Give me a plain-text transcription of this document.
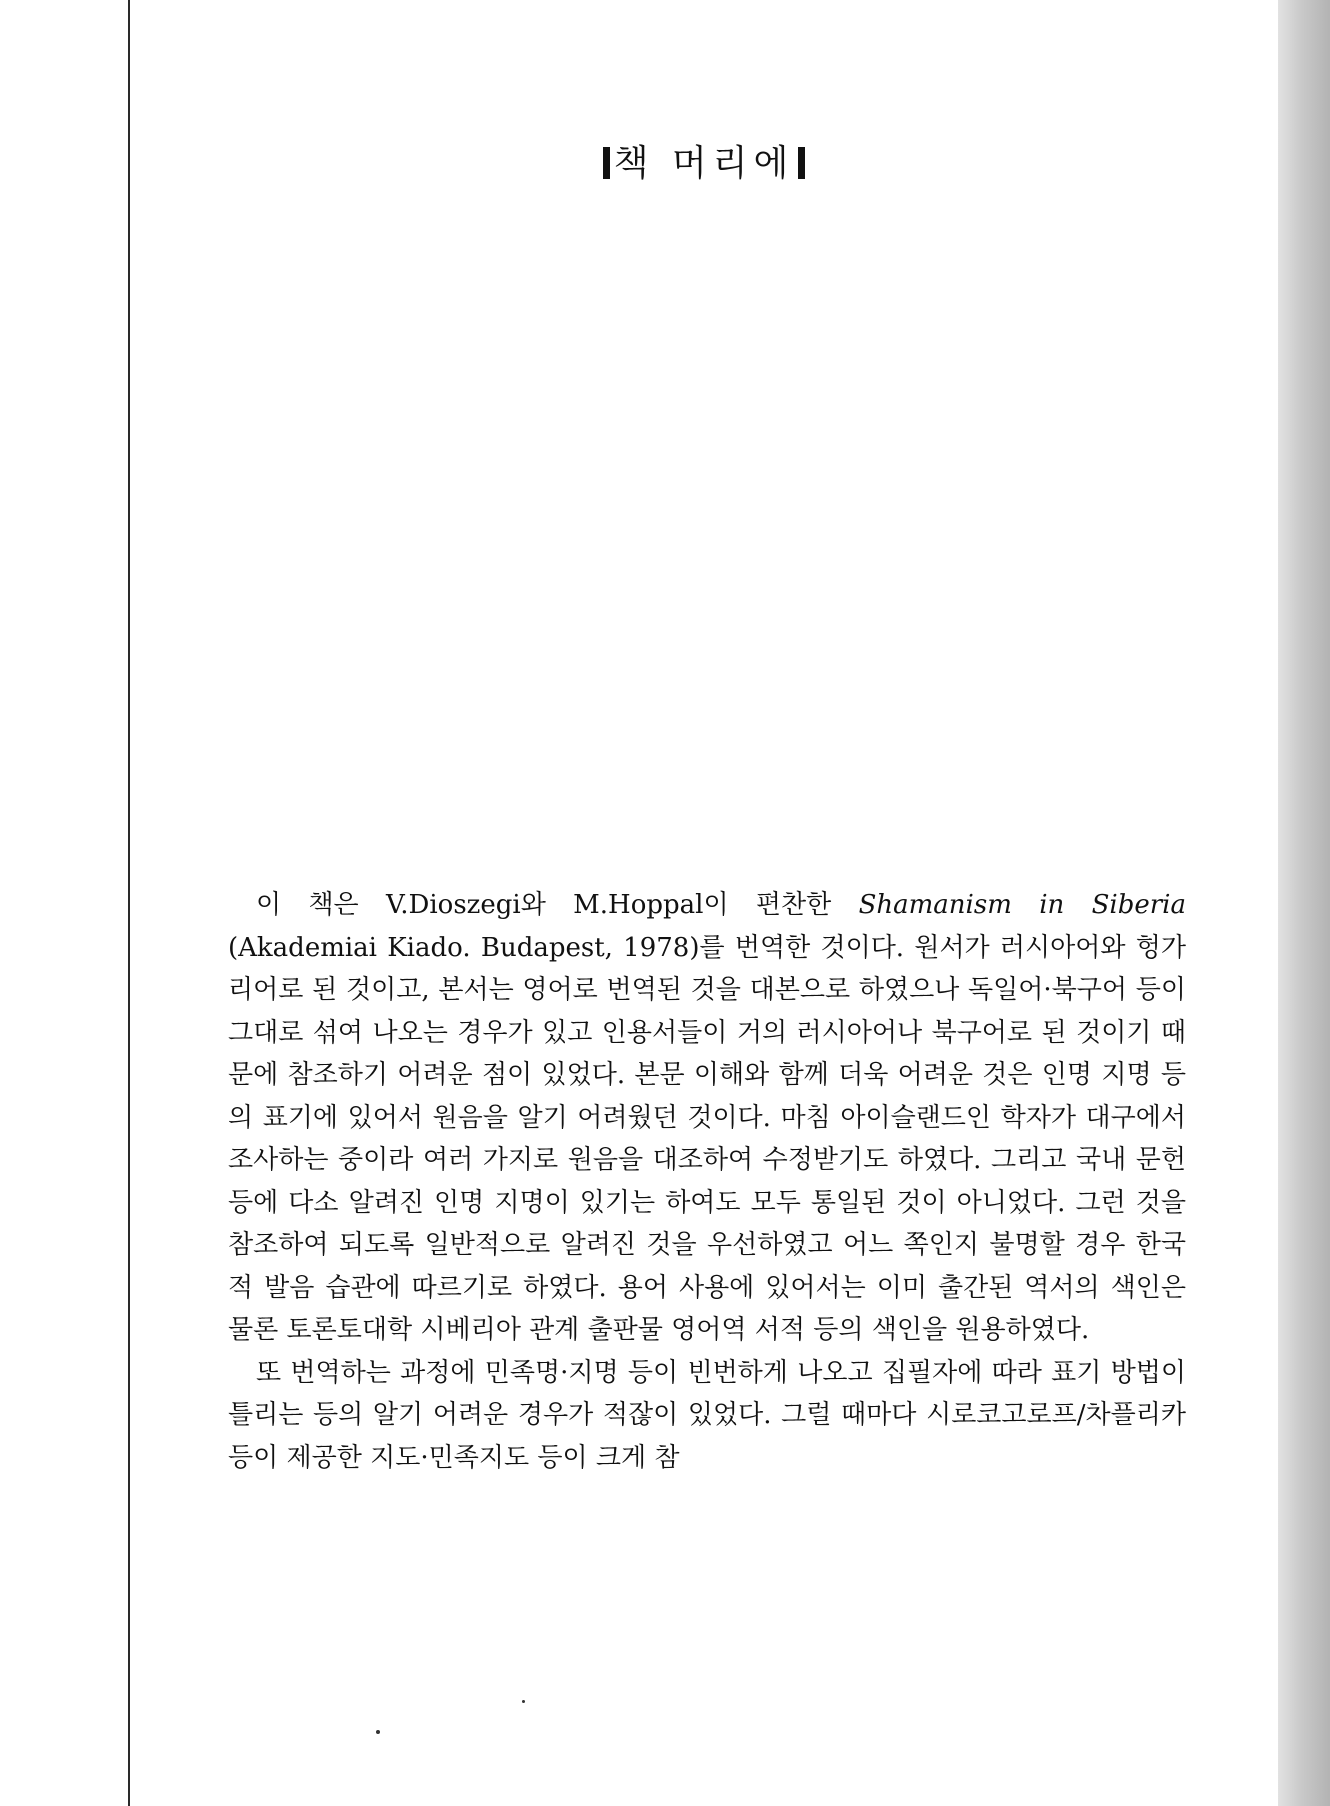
책 머리에

이 책은 V.Dioszegi와 M.Hoppal이 편찬한 Shamanism in Siberia (Akademiai Kiado. Budapest, 1978)를 번역한 것이다. 원서가 러시아어와 헝가리어로 된 것이고, 본서는 영어로 번역된 것을 대본으로 하였으나 독일어·북구어 등이 그대로 섞여 나오는 경우가 있고 인용서들이 거의 러시아어나 북구어로 된 것이기 때문에 참조하기 어려운 점이 있었다. 본문 이해와 함께 더욱 어려운 것은 인명 지명 등의 표기에 있어서 원음을 알기 어려웠던 것이다. 마침 아이슬랜드인 학자가 대구에서 조사하는 중이라 여러 가지로 원음을 대조하여 수정받기도 하였다. 그리고 국내 문헌 등에 다소 알려진 인명 지명이 있기는 하여도 모두 통일된 것이 아니었다. 그런 것을 참조하여 되도록 일반적으로 알려진 것을 우선하였고 어느 쪽인지 불명할 경우 한국적 발음 습관에 따르기로 하였다. 용어 사용에 있어서는 이미 출간된 역서의 색인은 물론 토론토대학 시베리아 관계 출판물 영어역 서적 등의 색인을 원용하였다.

또 번역하는 과정에 민족명·지명 등이 빈번하게 나오고 집필자에 따라 표기 방법이 틀리는 등의 알기 어려운 경우가 적잖이 있었다. 그럴 때마다 시로코고로프/차플리카 등이 제공한 지도·민족지도 등이 크게 참
